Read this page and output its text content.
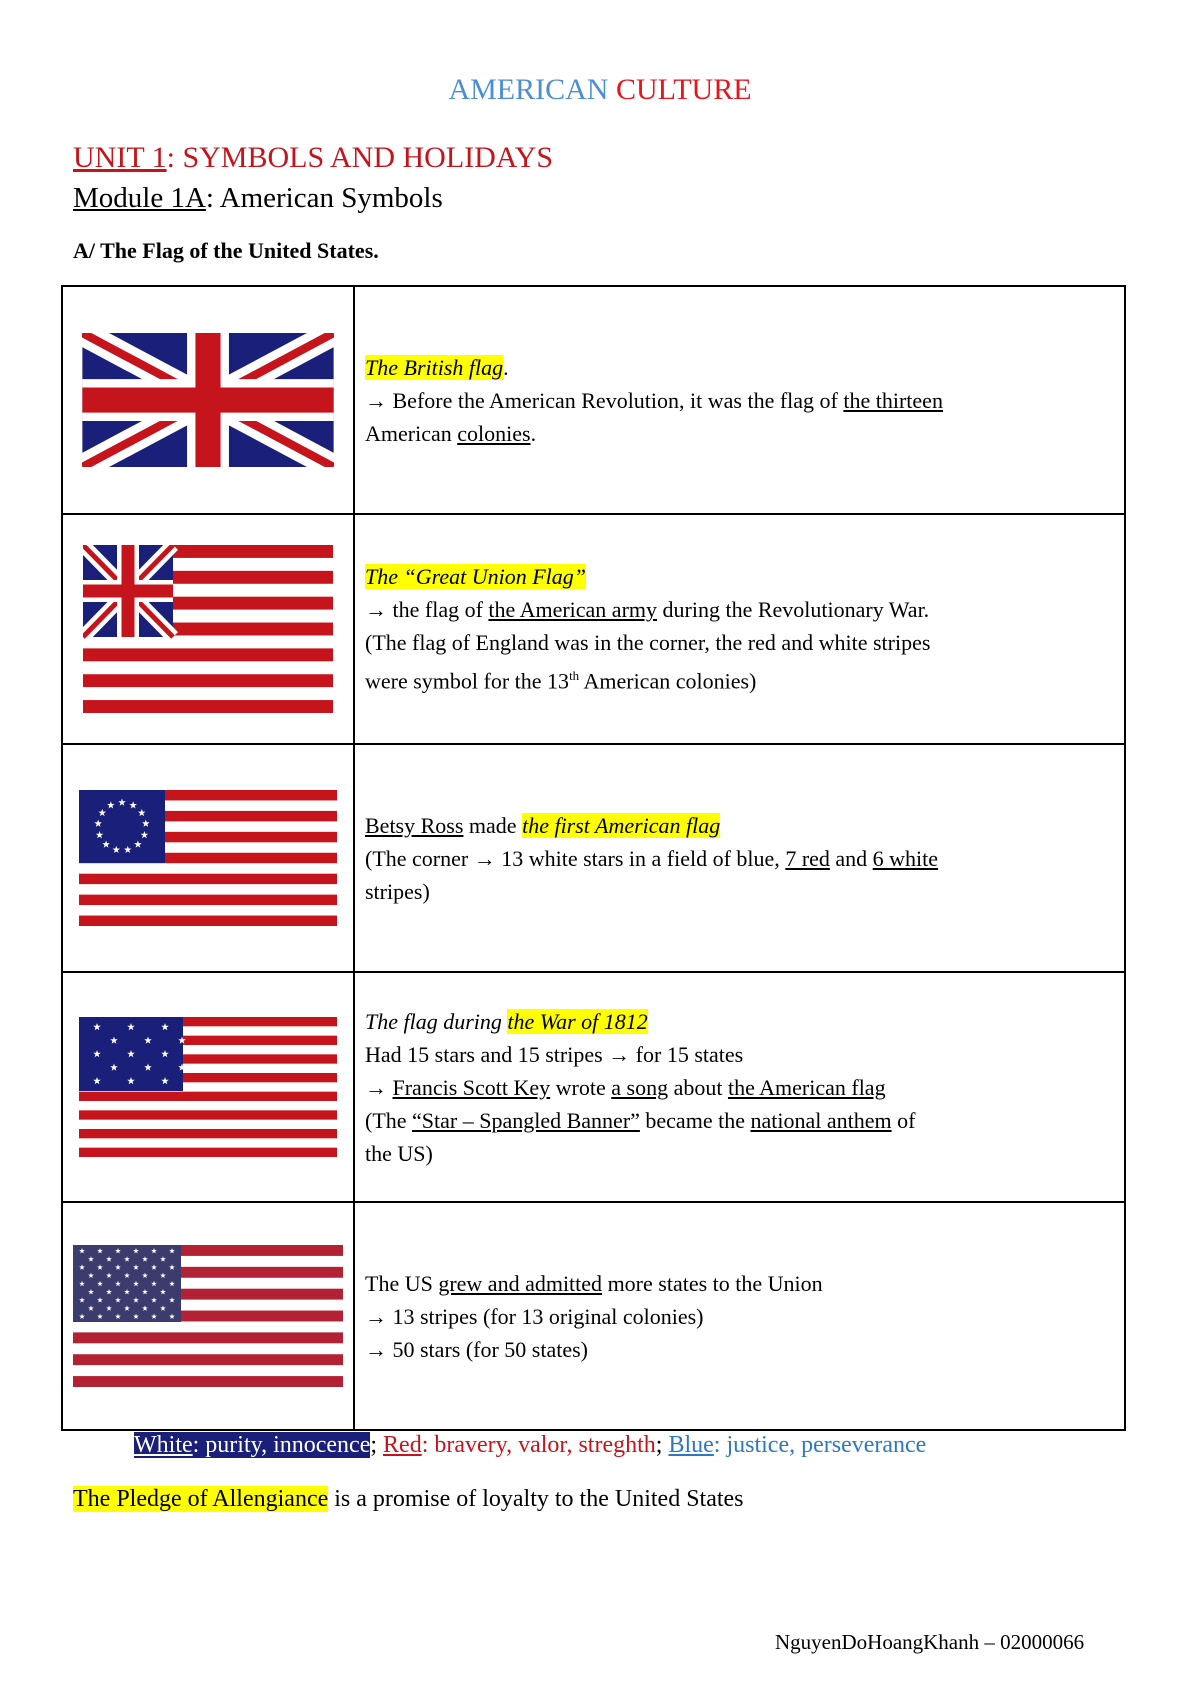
AMERICAN CULTURE
UNIT 1: SYMBOLS AND HOLIDAYS
Module 1A: American Symbols
A/ The Flag of the United States.

The British flag.
→ Before the American Revolution, it was the flag of the thirteen
American colonies.

The “Great Union Flag”
→ the flag of the American army during the Revolutionary War.
(The flag of England was in the corner, the red and white stripes
were symbol for the 13th American colonies)

Betsy Ross made the first American flag
(The corner → 13 white stars in a field of blue, 7 red and 6 white
stripes)

The flag during the War of 1812
Had 15 stars and 15 stripes → for 15 states
→ Francis Scott Key wrote a song about the American flag
(The “Star – Spangled Banner” became the national anthem of
the US)

The US grew and admitted more states to the Union
→ 13 stripes (for 13 original colonies)
→ 50 stars (for 50 states)
White: purity, innocence; Red: bravery, valor, streghth; Blue: justice, perseverance
The Pledge of Allengiance is a promise of loyalty to the United States
NguyenDoHoangKhanh – 02000066
